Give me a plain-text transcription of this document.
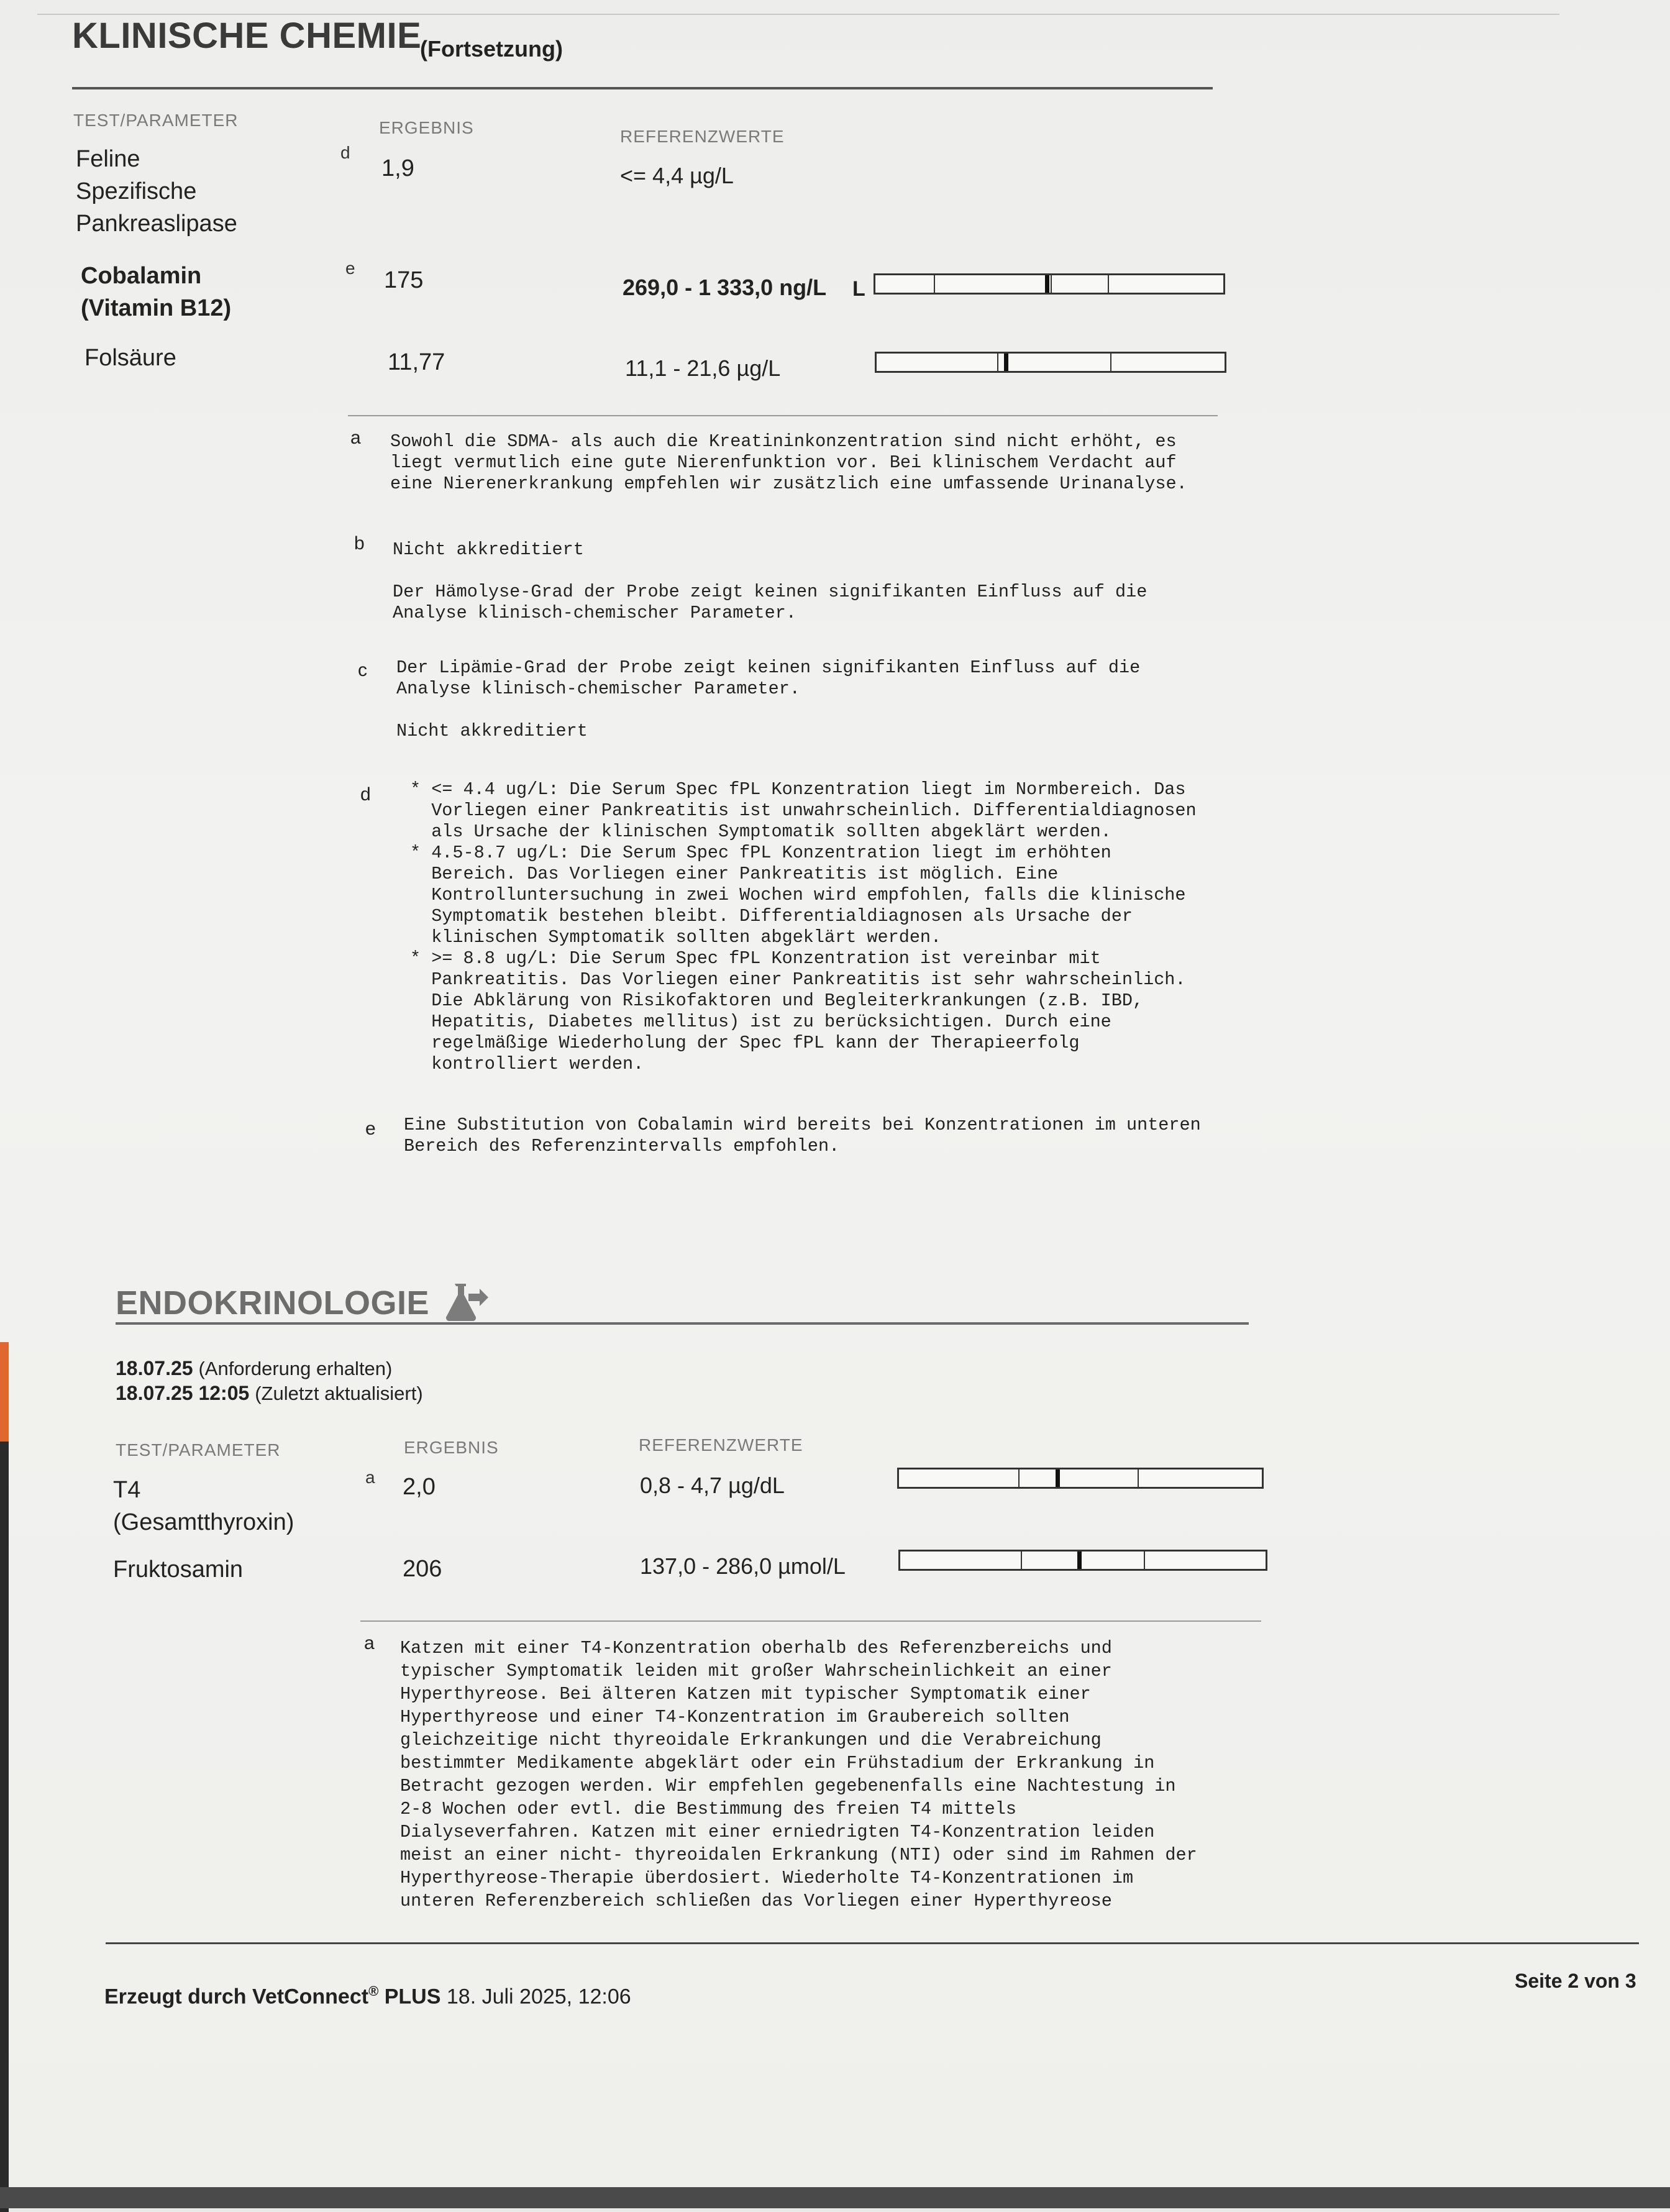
KLINISCHE CHEMIE
(Fortsetzung)
TEST/PARAMETER	ERGEBNIS	REFERENZWERTE
Feline
Spezifische
Pankreaslipase
d
1,9	<= 4,4 µg/L
Cobalamin
(Vitamin B12)
e 175	269,0 - 1 333,0 ng/L L
Folsäure	11,77	11,1 - 21,6 µg/L
a Sowohl die SDMA- als auch die Kreatininkonzentration sind nicht erhöht, es
liegt vermutlich eine gute Nierenfunktion vor. Bei klinischem Verdacht auf
eine Nierenerkrankung empfehlen wir zusätzlich eine umfassende Urinanalyse.
b Nicht akkreditiert

Der Hämolyse-Grad der Probe zeigt keinen signifikanten Einfluss auf die
Analyse klinisch-chemischer Parameter.
c Der Lipämie-Grad der Probe zeigt keinen signifikanten Einfluss auf die
Analyse klinisch-chemischer Parameter.

Nicht akkreditiert
d * <= 4.4 ug/L: Die Serum Spec fPL Konzentration liegt im Normbereich. Das
Vorliegen einer Pankreatitis ist unwahrscheinlich. Differentialdiagnosen
als Ursache der klinischen Symptomatik sollten abgeklärt werden.
* 4.5-8.7 ug/L: Die Serum Spec fPL Konzentration liegt im erhöhten
Bereich. Das Vorliegen einer Pankreatitis ist möglich. Eine
Kontrolluntersuchung in zwei Wochen wird empfohlen, falls die klinische
Symptomatik bestehen bleibt. Differentialdiagnosen als Ursache der
klinischen Symptomatik sollten abgeklärt werden.
* >= 8.8 ug/L: Die Serum Spec fPL Konzentration ist vereinbar mit
Pankreatitis. Das Vorliegen einer Pankreatitis ist sehr wahrscheinlich.
Die Abklärung von Risikofaktoren und Begleiterkrankungen (z.B. IBD,
Hepatitis, Diabetes mellitus) ist zu berücksichtigen. Durch eine
regelmäßige Wiederholung der Spec fPL kann der Therapieerfolg
kontrolliert werden.
e Eine Substitution von Cobalamin wird bereits bei Konzentrationen im unteren
Bereich des Referenzintervalls empfohlen.
ENDOKRINOLOGIE
18.07.25 (Anforderung erhalten)
18.07.25 12:05 (Zuletzt aktualisiert)
TEST/PARAMETER	ERGEBNIS	REFERENZWERTE
T4
(Gesamtthyroxin)
a 2,0	0,8 - 4,7 µg/dL
Fruktosamin	206	137,0 - 286,0 µmol/L
a Katzen mit einer T4-Konzentration oberhalb des Referenzbereichs und
typischer Symptomatik leiden mit großer Wahrscheinlichkeit an einer
Hyperthyreose. Bei älteren Katzen mit typischer Symptomatik einer
Hyperthyreose und einer T4-Konzentration im Graubereich sollten
gleichzeitige nicht thyreoidale Erkrankungen und die Verabreichung
bestimmter Medikamente abgeklärt oder ein Frühstadium der Erkrankung in
Betracht gezogen werden. Wir empfehlen gegebenenfalls eine Nachtestung in
2-8 Wochen oder evtl. die Bestimmung des freien T4 mittels
Dialyseverfahren. Katzen mit einer erniedrigten T4-Konzentration leiden
meist an einer nicht- thyreoidalen Erkrankung (NTI) oder sind im Rahmen der
Hyperthyreose-Therapie überdosiert. Wiederholte T4-Konzentrationen im
unteren Referenzbereich schließen das Vorliegen einer Hyperthyreose
Erzeugt durch VetConnect® PLUS 18. Juli 2025, 12:06
Seite 2 von 3
